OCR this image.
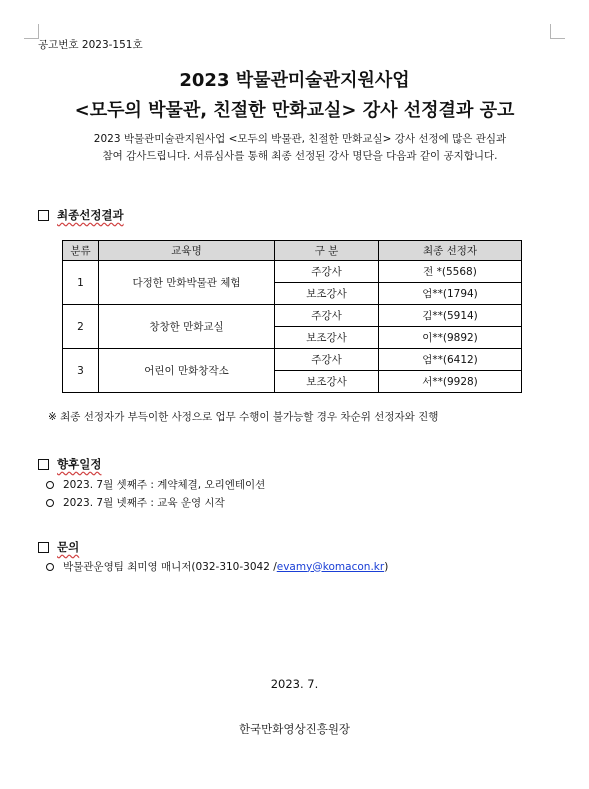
공고번호 2023-151호
2023 박물관미술관지원사업
<모두의 박물관, 친절한 만화교실> 강사 선정결과 공고
2023 박물관미술관지원사업 <모두의 박물관, 친절한 만화교실> 강사 선정에 많은 관심과
참여 감사드립니다. 서류심사를 통해 최종 선정된 강사 명단을 다음과 같이 공지합니다.
최종선정결과
분류	교육명	구 분	최종 선정자
1	다정한 만화박물관 체험	주강사	전 *(5568)
		보조강사	엄**(1794)
2	창창한 만화교실	주강사	김**(5914)
		보조강사	이**(9892)
3	어린이 만화창작소	주강사	엄**(6412)
		보조강사	서**(9928)
※ 최종 선정자가 부득이한 사정으로 업무 수행이 불가능할 경우 차순위 선정자와 진행
향후일정
2023. 7월 셋째주 : 계약체결, 오리엔테이션
2023. 7월 넷째주 : 교육 운영 시작
문의
박물관운영팀 최미영 매니저(032-310-3042 / evamy@komacon.kr )
2023. 7.
한국만화영상진흥원장
